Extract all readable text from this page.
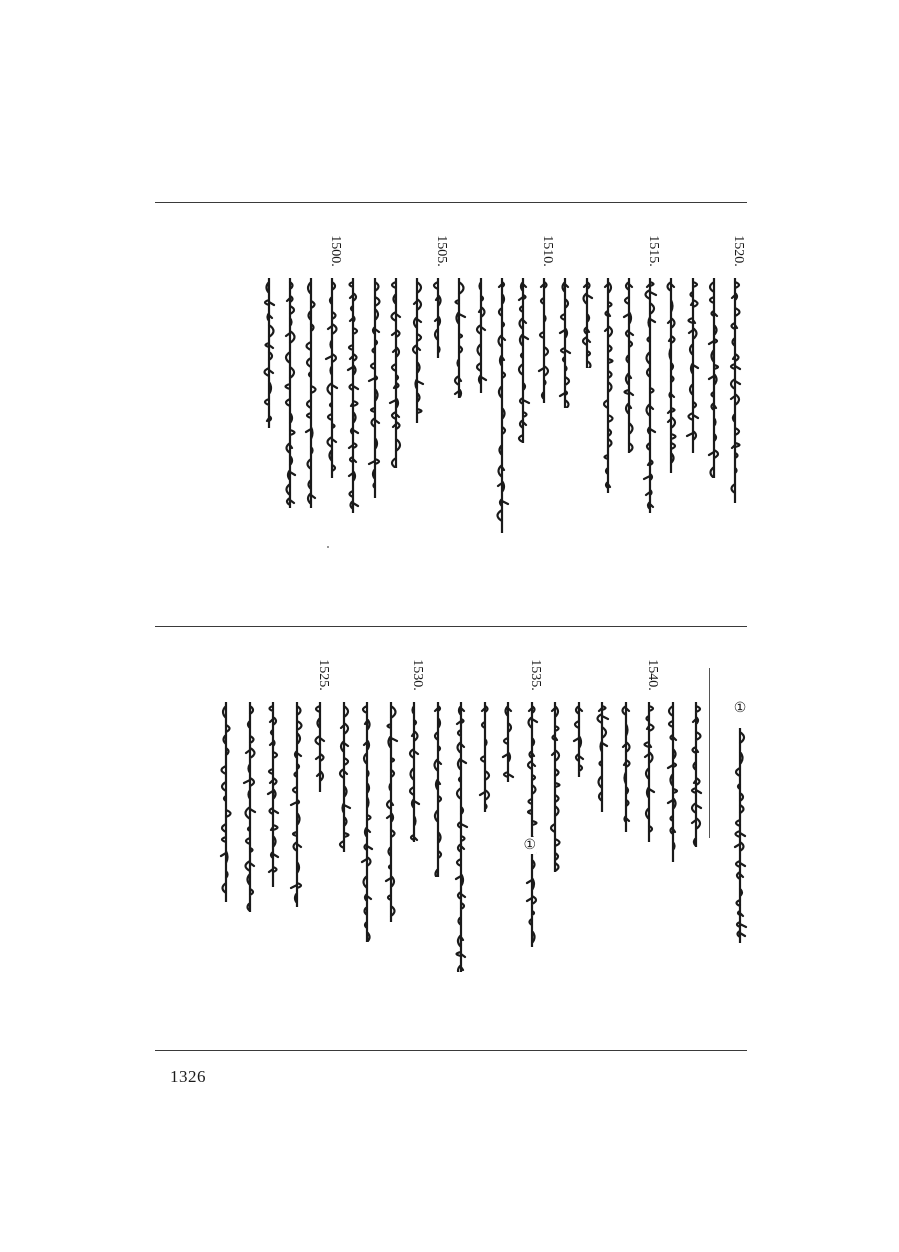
1520.
1515.
1510.
1505.
1500.
①
1540.
1535.
①
1530.
1525.
1326
